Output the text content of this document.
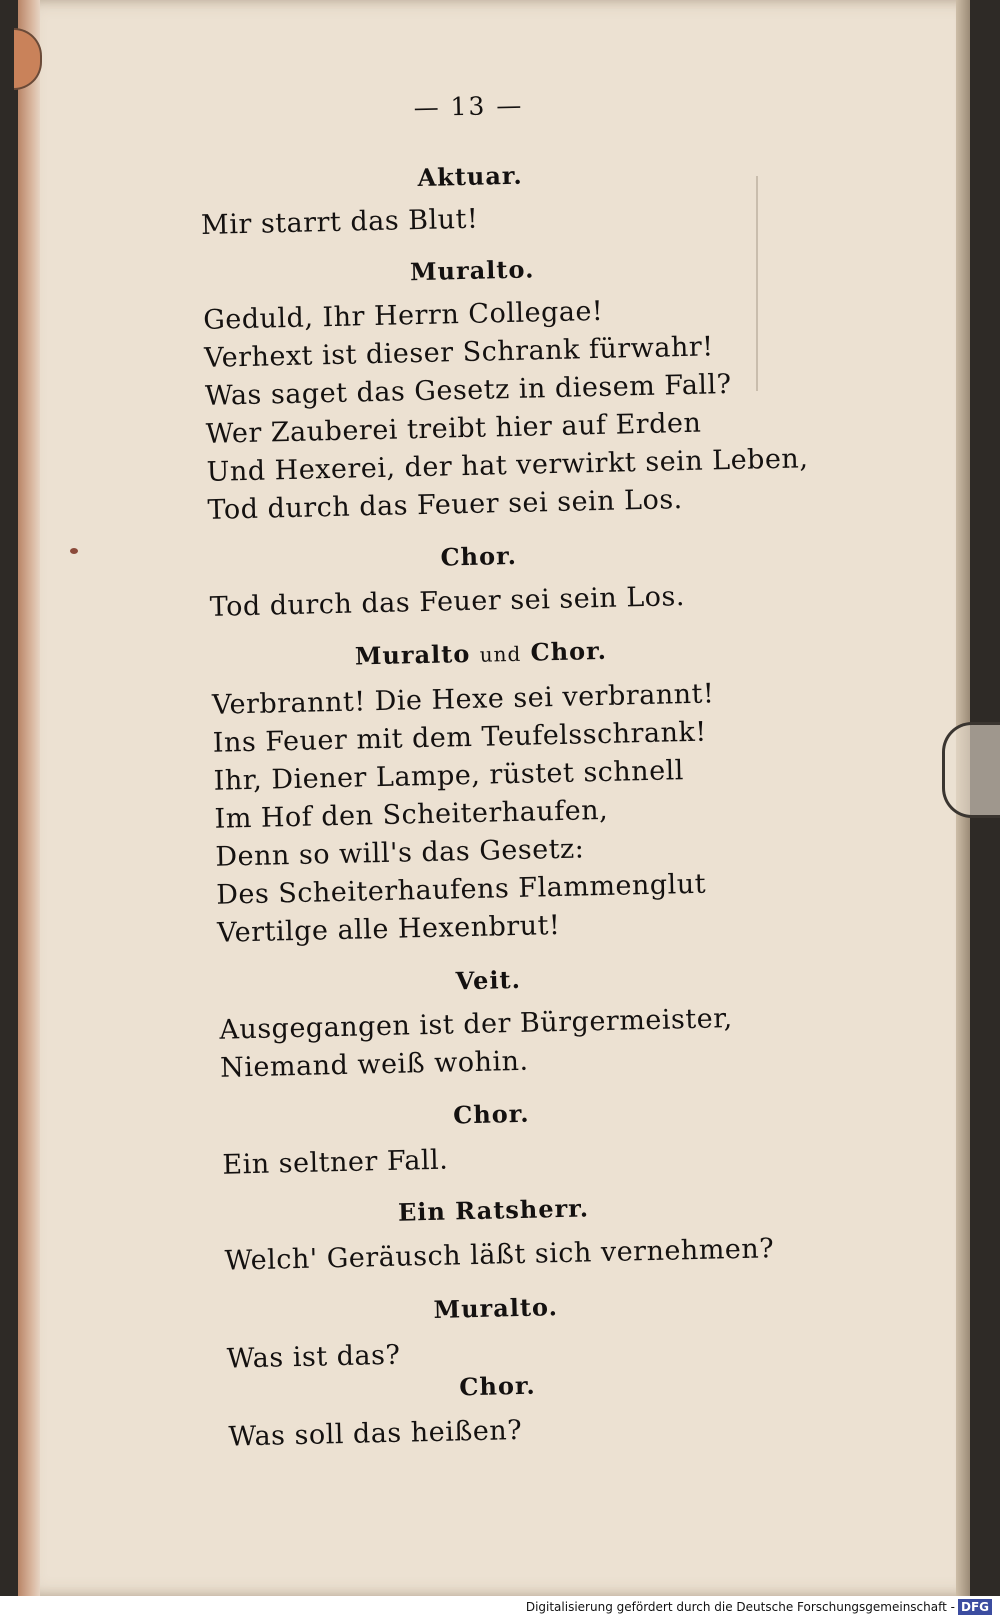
— 13 —
Aktuar.
Mir starrt das Blut!
Muralto.
Geduld, Ihr Herrn Collegae!
Verhext ist dieser Schrank fürwahr!
Was saget das Gesetz in diesem Fall?
Wer Zauberei treibt hier auf Erden
Und Hexerei, der hat verwirkt sein Leben,
Tod durch das Feuer sei sein Los.
Chor.
Tod durch das Feuer sei sein Los.
Muralto und Chor.
Verbrannt! Die Hexe sei verbrannt!
Ins Feuer mit dem Teufelsschrank!
Ihr, Diener Lampe, rüstet schnell
Im Hof den Scheiterhaufen,
Denn so will's das Gesetz:
Des Scheiterhaufens Flammenglut
Vertilge alle Hexenbrut!
Veit.
Ausgegangen ist der Bürgermeister,
Niemand weiß wohin.
Chor.
Ein seltner Fall.
Ein Ratsherr.
Welch' Geräusch läßt sich vernehmen?
Muralto.
Was ist das?
Chor.
Was soll das heißen?
Digitalisierung gefördert durch die Deutsche Forschungsgemeinschaft - DFG
